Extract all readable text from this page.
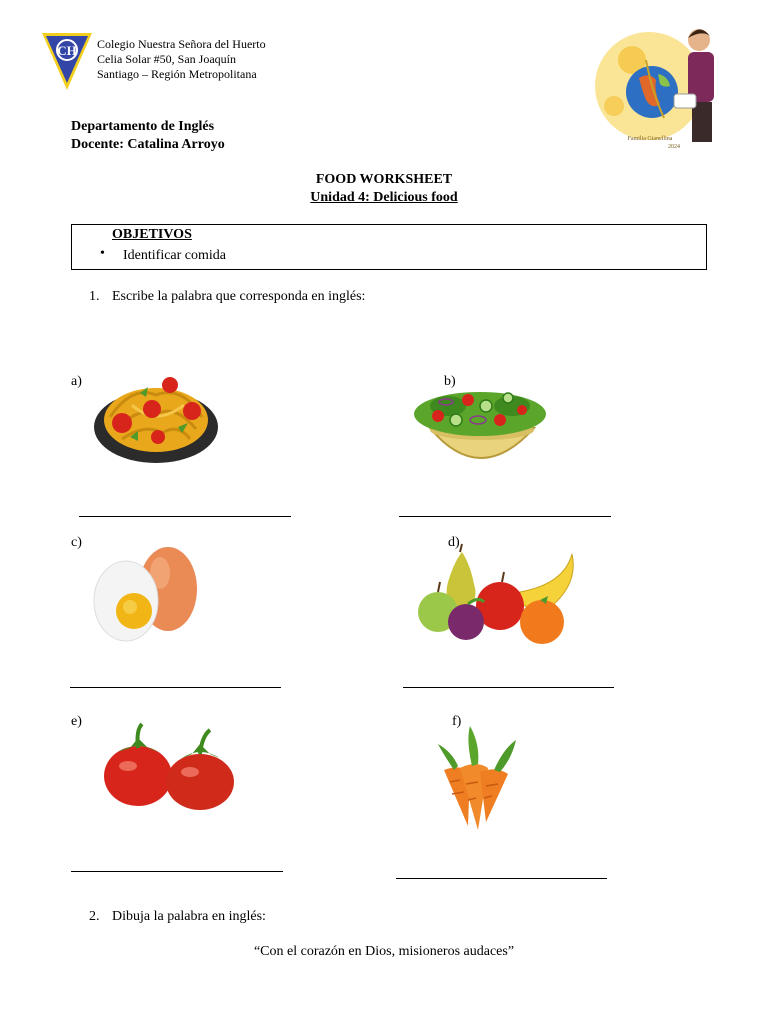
CH Colegio Nuestra Señora del Huerto
Celia Solar #50, San Joaquín
Santiago – Región Metropolitana
Familia Gianellina
2024
Departamento de Inglés
Docente: Catalina Arroyo
FOOD WORKSHEET
Unidad 4: Delicious food
OBJETIVOS
• Identificar comida
1. Escribe la palabra que corresponda en inglés:
a)	b)
c)	d)
e)	f)
2. Dibuja la palabra en inglés:
“Con el corazón en Dios, misioneros audaces”
